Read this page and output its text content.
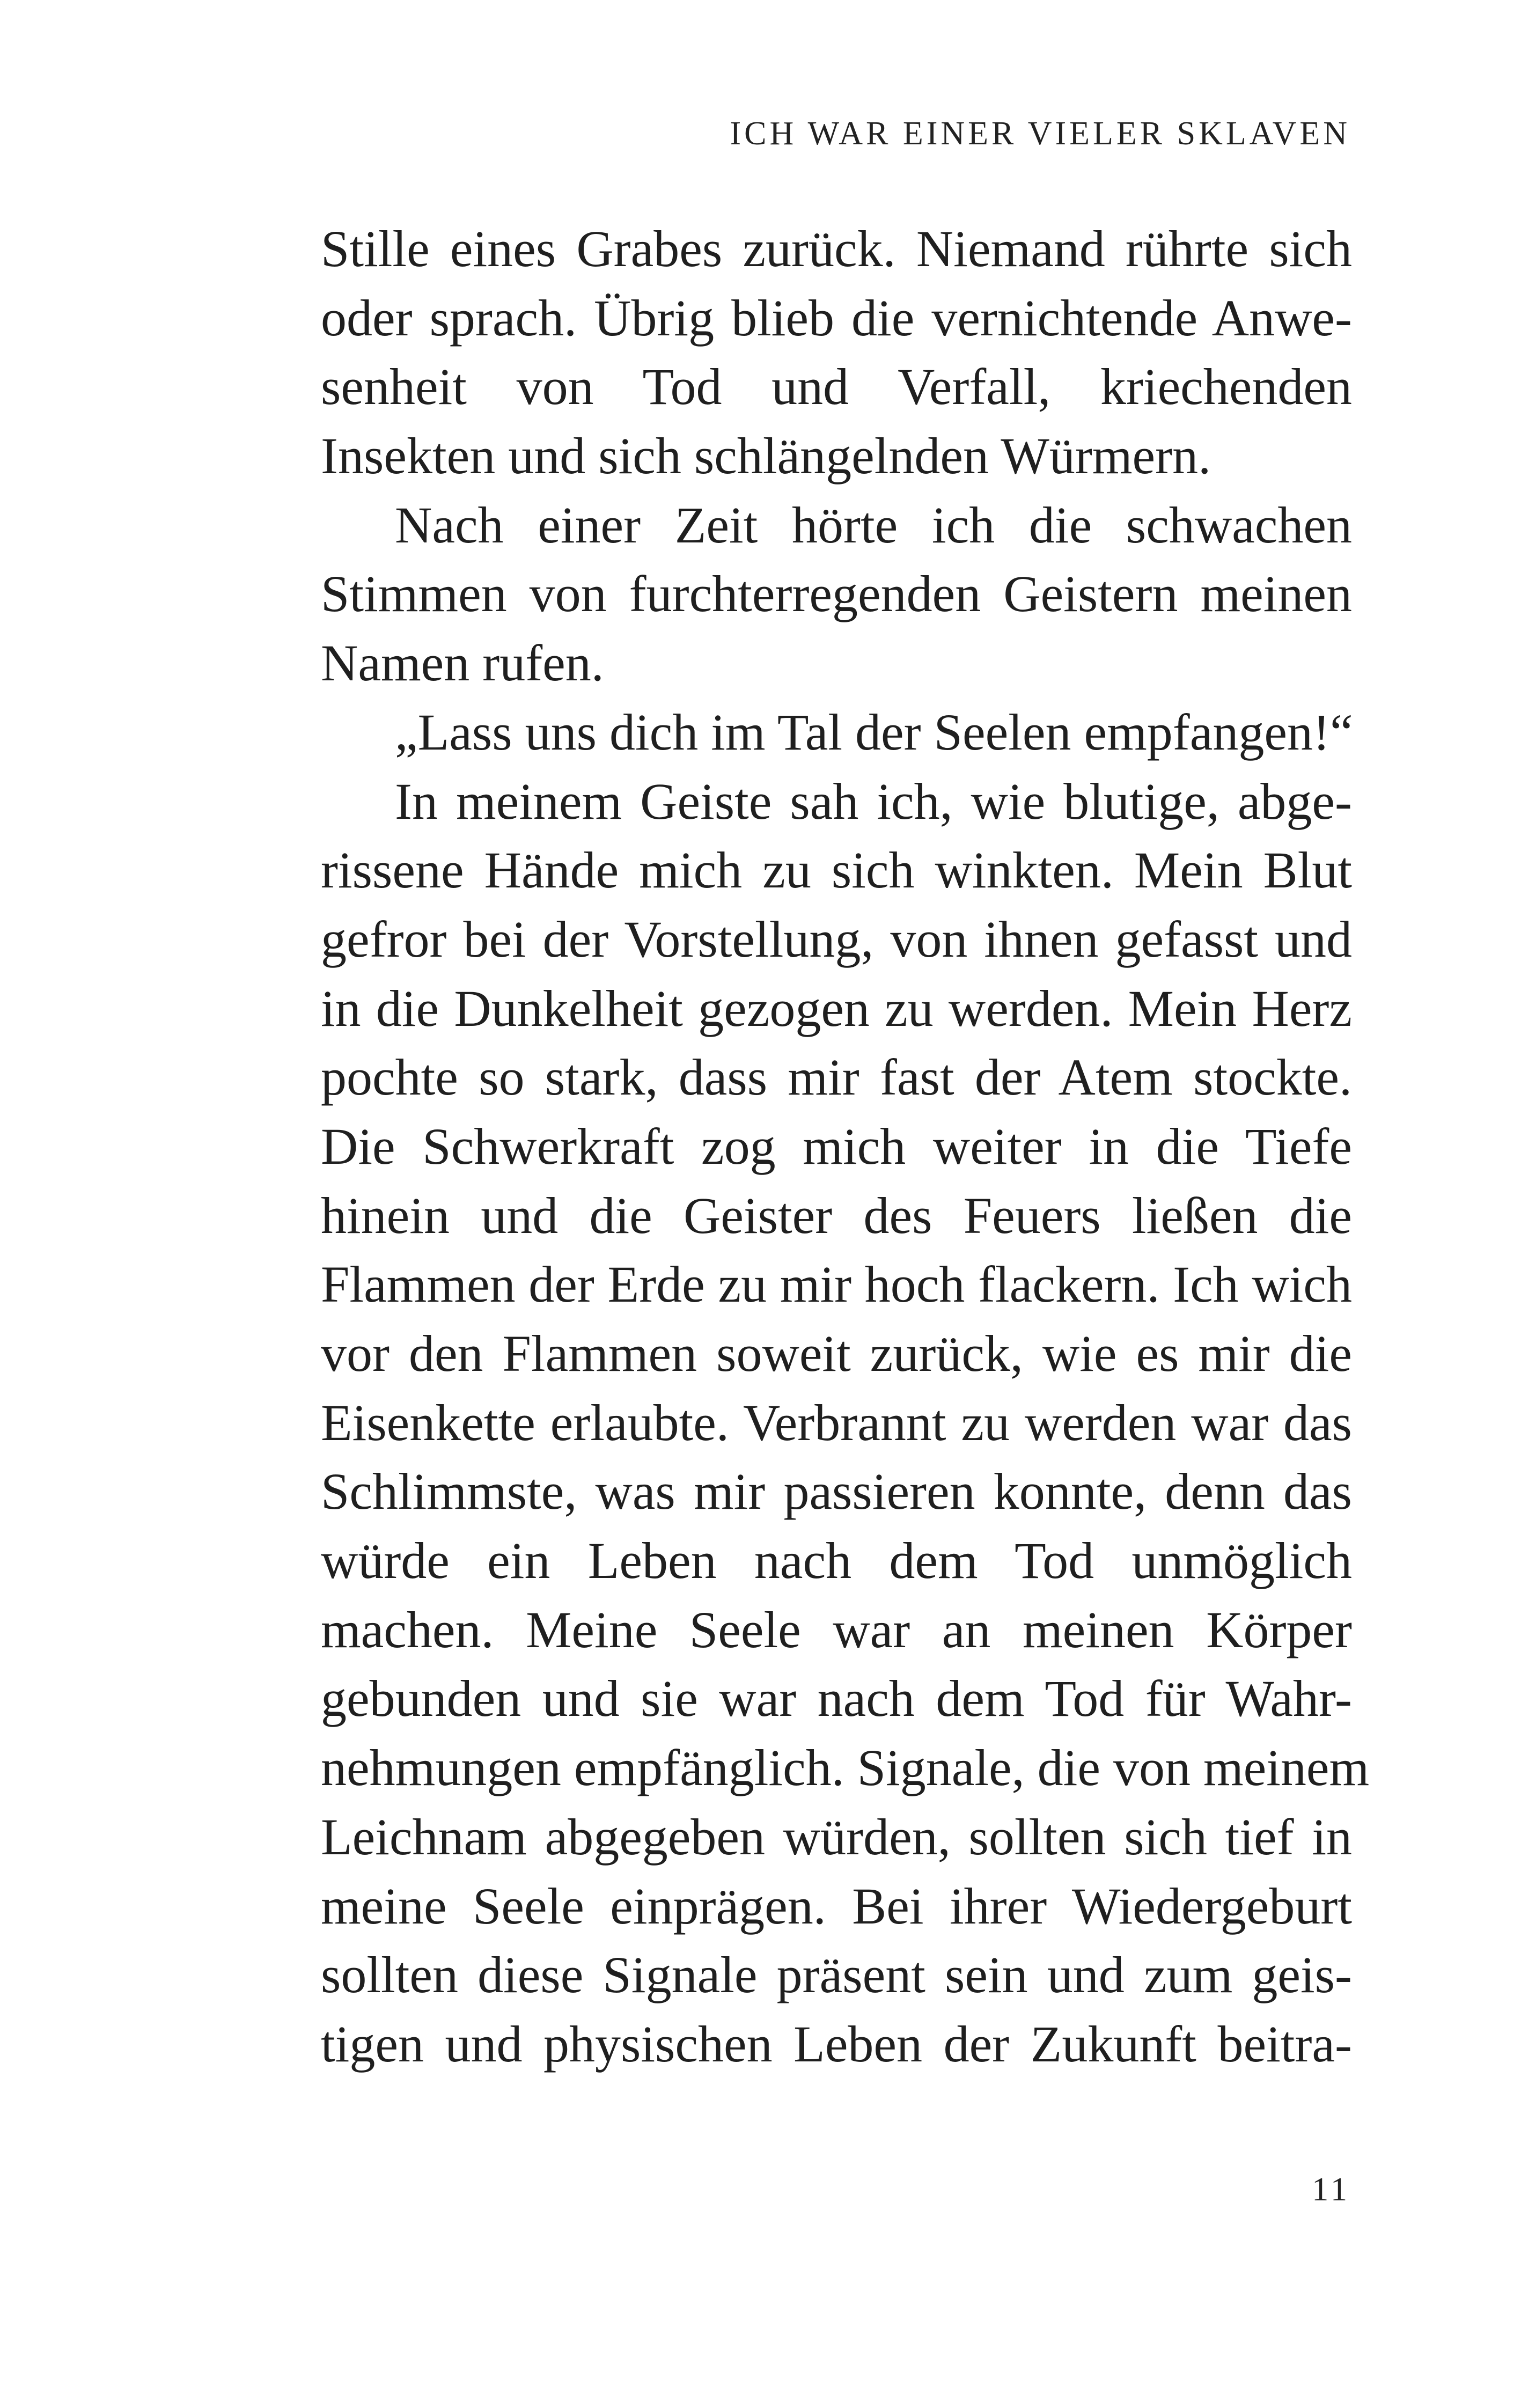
ICH WAR EINER VIELER SKLAVEN
Stille eines Grabes zurück. Niemand rührte sich
oder sprach. Übrig blieb die vernichtende Anwe-
senheit von Tod und Verfall, kriechenden
Insekten und sich schlängelnden Würmern.
Nach einer Zeit hörte ich die schwachen
Stimmen von furchterregenden Geistern meinen
Namen rufen.
„Lass uns dich im Tal der Seelen empfangen!“
In meinem Geiste sah ich, wie blutige, abge-
rissene Hände mich zu sich winkten. Mein Blut
gefror bei der Vorstellung, von ihnen gefasst und
in die Dunkelheit gezogen zu werden. Mein Herz
pochte so stark, dass mir fast der Atem stockte.
Die Schwerkraft zog mich weiter in die Tiefe
hinein und die Geister des Feuers ließen die
Flammen der Erde zu mir hoch flackern. Ich wich
vor den Flammen soweit zurück, wie es mir die
Eisenkette erlaubte. Verbrannt zu werden war das
Schlimmste, was mir passieren konnte, denn das
würde ein Leben nach dem Tod unmöglich
machen. Meine Seele war an meinen Körper
gebunden und sie war nach dem Tod für Wahr-
nehmungen empfänglich. Signale, die von meinem
Leichnam abgegeben würden, sollten sich tief in
meine Seele einprägen. Bei ihrer Wiedergeburt
sollten diese Signale präsent sein und zum geis-
tigen und physischen Leben der Zukunft beitra-
11
